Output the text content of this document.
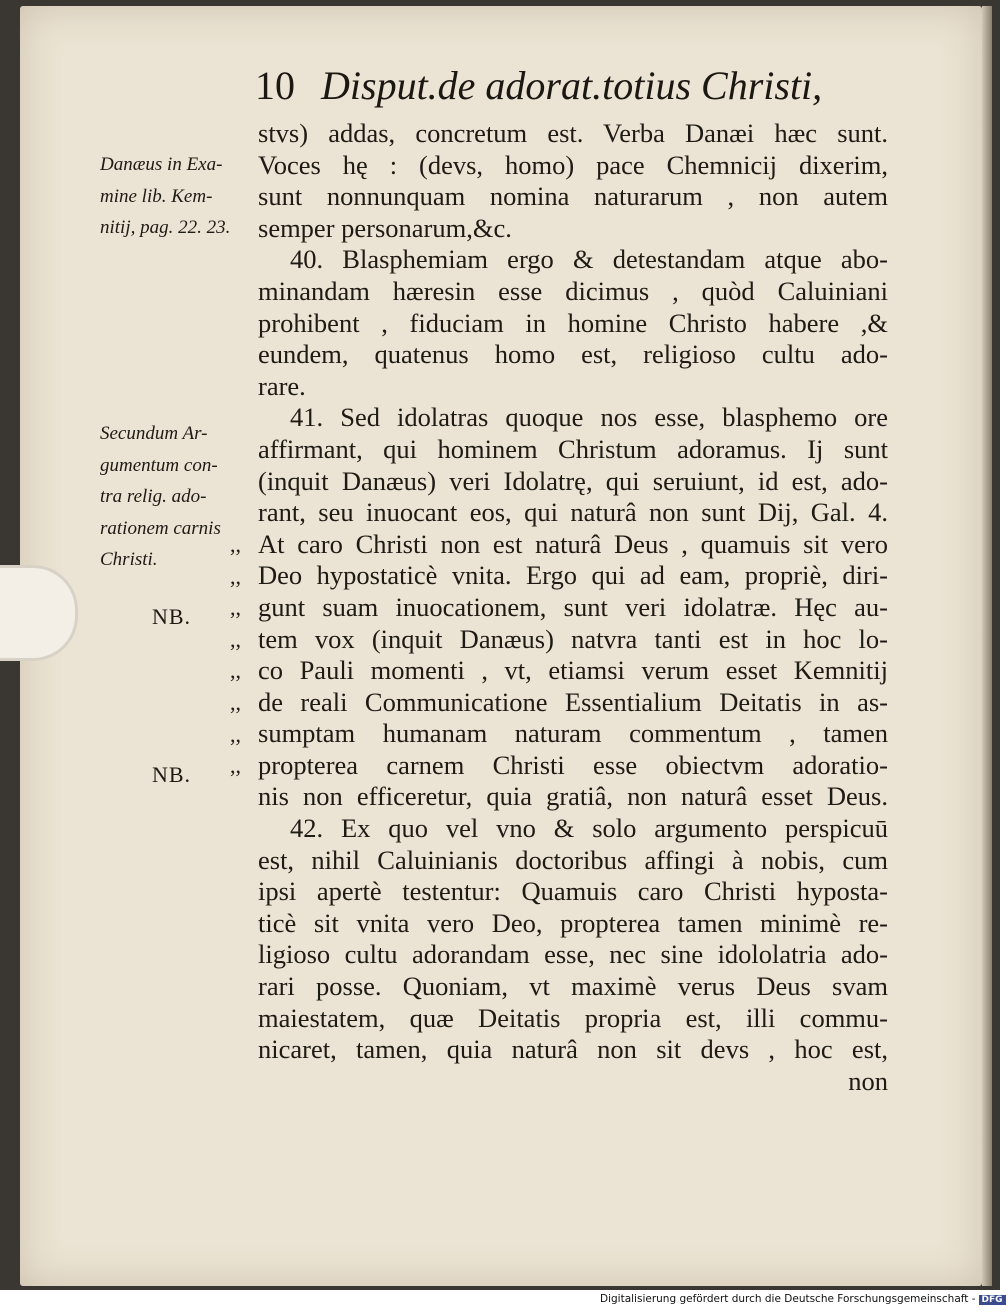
10 Disput.de adorat.totius Christi,
stvs) addas, concretum est. Verba Danæi hæc sunt.
Voces hę : (devs, homo) pace Chemnicij dixerim,
sunt nonnunquam nomina naturarum , non autem
semper personarum,&c.
40. Blasphemiam ergo & detestandam atque abo-
minandam hæresin esse dicimus , quòd Caluiniani
prohibent , fiduciam in homine Christo habere ,&
eundem, quatenus homo est, religioso cultu ado-
rare.
41. Sed idolatras quoque nos esse, blasphemo ore
affirmant, qui hominem Christum adoramus. Ij sunt
(inquit Danæus) veri Idolatrę, qui seruiunt, id est, ado-
rant, seu inuocant eos, qui naturâ non sunt Dij, Gal. 4.
At caro Christi non est naturâ Deus , quamuis sit vero
Deo hypostaticè vnita. Ergo qui ad eam, propriè, diri-
gunt suam inuocationem, sunt veri idolatræ. Hęc au-
tem vox (inquit Danæus) natvra tanti est in hoc lo-
co Pauli momenti , vt, etiamsi verum esset Kemnitij
de reali Communicatione Essentialium Deitatis in as-
sumptam humanam naturam commentum , tamen
propterea carnem Christi esse obiectvm adoratio-
nis non efficeretur, quia gratiâ, non naturâ esset Deus.
42. Ex quo vel vno & solo argumento perspicuū
est, nihil Caluinianis doctoribus affingi à nobis, cum
ipsi apertè testentur: Quamuis caro Christi hyposta-
ticè sit vnita vero Deo, propterea tamen minimè re-
ligioso cultu adorandam esse, nec sine idololatria ado-
rari posse. Quoniam, vt maximè verus Deus svam
maiestatem, quæ Deitatis propria est, illi commu-
nicaret, tamen, quia naturâ non sit devs , hoc est,
non
Danæus in Exa-
mine lib. Kem-
nitij, pag. 22. 23.
Secundum Ar-
gumentum con-
tra relig. ado-
rationem carnis
Christi.
NB.
NB.
,,
,,
,,
,,
,,
,,
,,
,,
Digitalisierung gefördert durch die Deutsche Forschungsgemeinschaft - DFG
